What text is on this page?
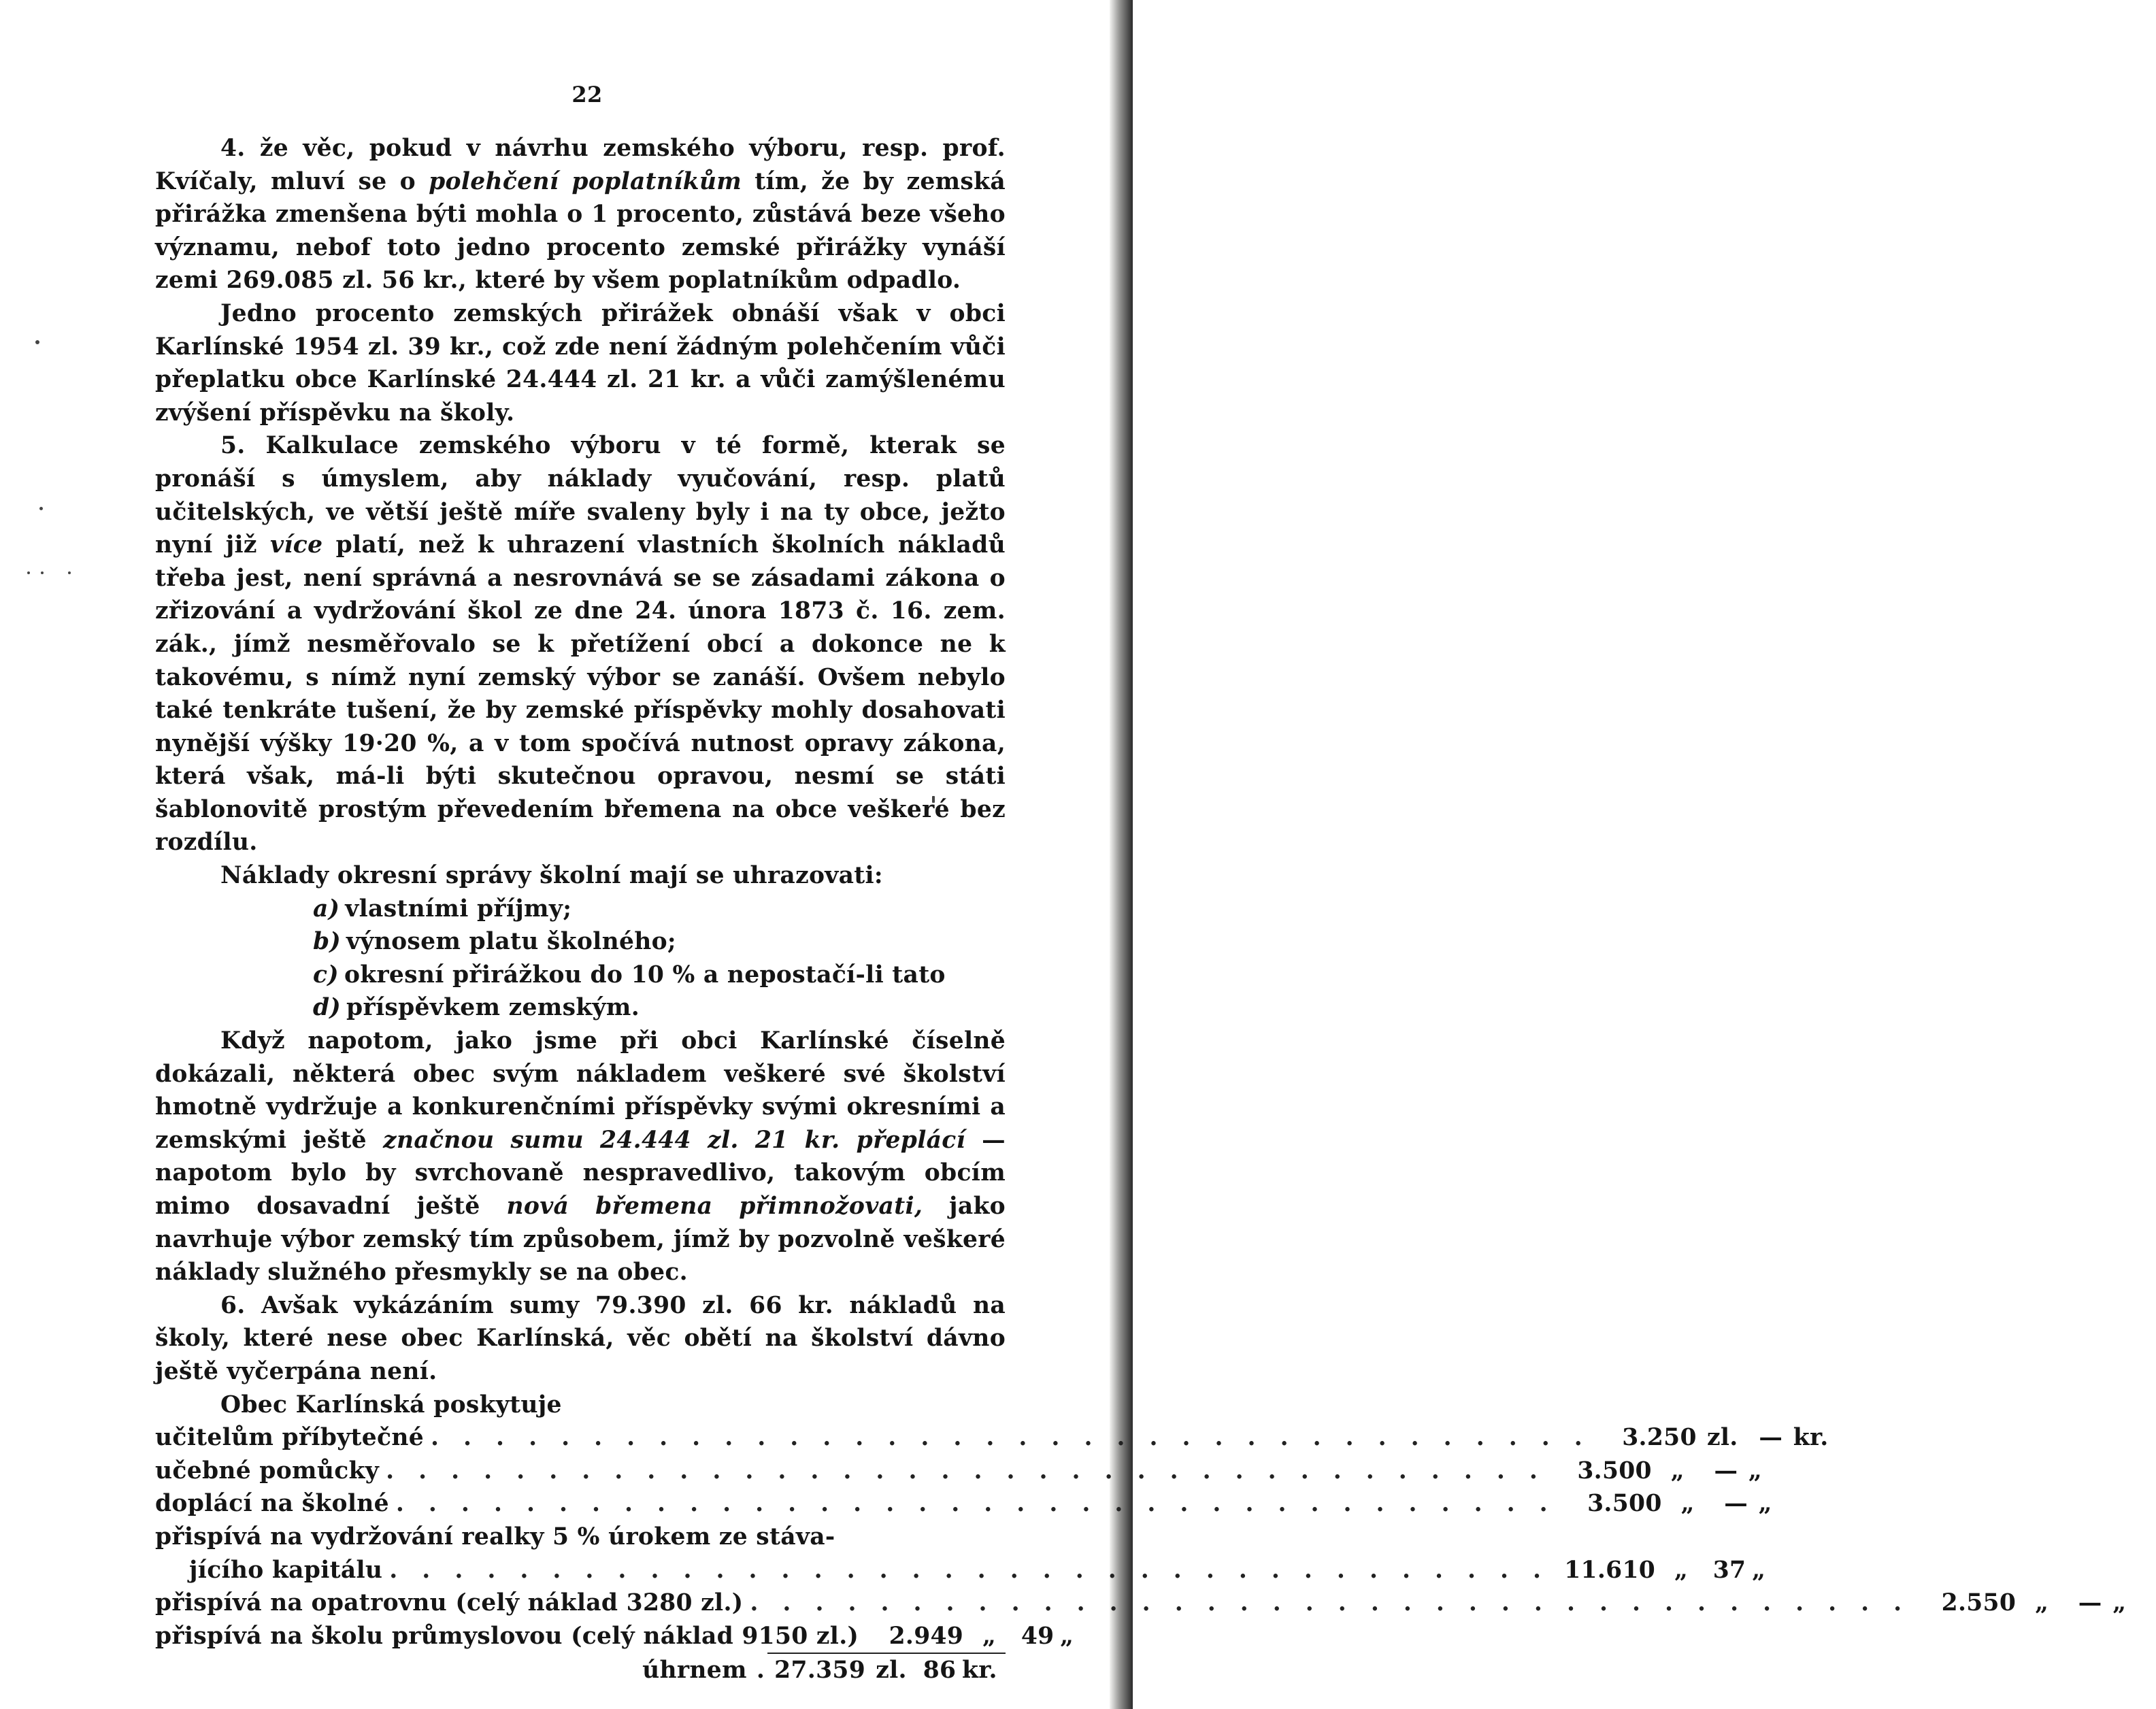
22

4. že věc, pokud v návrhu zemského výboru, resp. prof. Kvíčaly, mluví se o polehčení poplatníkům tím, že by zemská přirážka zmenšena býti mohla o 1 procento, zůstává beze všeho významu, nebof toto jedno procento zemské přirážky vynáší zemi 269.085 zl. 56 kr., které by všem poplatníkům odpadlo.

Jedno procento zemských přirážek obnáší však v obci Karlínské 1954 zl. 39 kr., což zde není žádným polehčením vůči přeplatku obce Karlínské 24.444 zl. 21 kr. a vůči zamýšlenému zvýšení příspěvku na školy.

5. Kalkulace zemského výboru v té formě, kterak se pronáší s úmyslem, aby náklady vyučování, resp. platů učitelských, ve větší ještě míře svaleny byly i na ty obce, ježto nyní již více platí, než k uhrazení vlastních školních nákladů třeba jest, není správná a nesrovnává se se zásadami zákona o zřizování a vydržování škol ze dne 24. února 1873 č. 16. zem. zák., jímž nesměřovalo se k přetížení obcí a dokonce ne k takovému, s nímž nyní zemský výbor se zanáší. Ovšem nebylo také tenkráte tušení, že by zemské příspěvky mohly dosahovati nynější výšky 19·20 %, a v tom spočívá nutnost opravy zákona, která však, má-li býti skutečnou opravou, nesmí se státi šablonovitě prostým převedením břemena na obce veškeré bez rozdílu.

Náklady okresní správy školní mají se uhrazovati:

a) vlastními příjmy;

b) výnosem platu školného;

c) okresní přirážkou do 10 % a nepostačí-li tato

d) příspěvkem zemským.

Když napotom, jako jsme při obci Karlínské číselně dokázali, některá obec svým nákladem veškeré své školství hmotně vydržuje a konkurenčními příspěvky svými okresními a zemskými ještě značnou sumu 24.444 zl. 21 kr. přeplácí — napotom bylo by svrchovaně nespravedlivo, takovým obcím mimo dosavadní ještě nová břemena přimnožovati, jako navrhuje výbor zemský tím způsobem, jímž by pozvolně veškeré náklady služného přesmykly se na obec.

6. Avšak vykázáním sumy 79.390 zl. 66 kr. nákladů na školy, které nese obec Karlínská, věc obětí na školství dávno ještě vyčerpána není.

Obec Karlínská poskytuje

učitelům příbytečné . . . . . . . . . . . . . . . . . . . . . . . . . . . . . . . . . . . .	3.250 zl. — kr.
učebné pomůcky . . . . . . . . . . . . . . . . . . . . . . . . . . . . . . . . . . . .	3.500 „	— „
doplácí na školné . . . . . . . . . . . . . . . . . . . . . . . . . . . . . . . . . . . .	3.500 „	— „
přispívá na vydržování realky 5 % úrokem ze stáva-
jícího kapitálu . . . . . . . . . . . . . . . . . . . . . . . . . . . . . . . . . . . . 11.610 „	37 „
přispívá na opatrovnu (celý náklad 3280 zl.) . . . . . . . . . . . . . . . . . . . . . . . . . . . . . . . . . . . .	2.550 „	— „
přispívá na školu průmyslovou (celý náklad 9150 zl.)	2.949 „	49 „
úhrnem . 27.359 zl. 86 kr.
